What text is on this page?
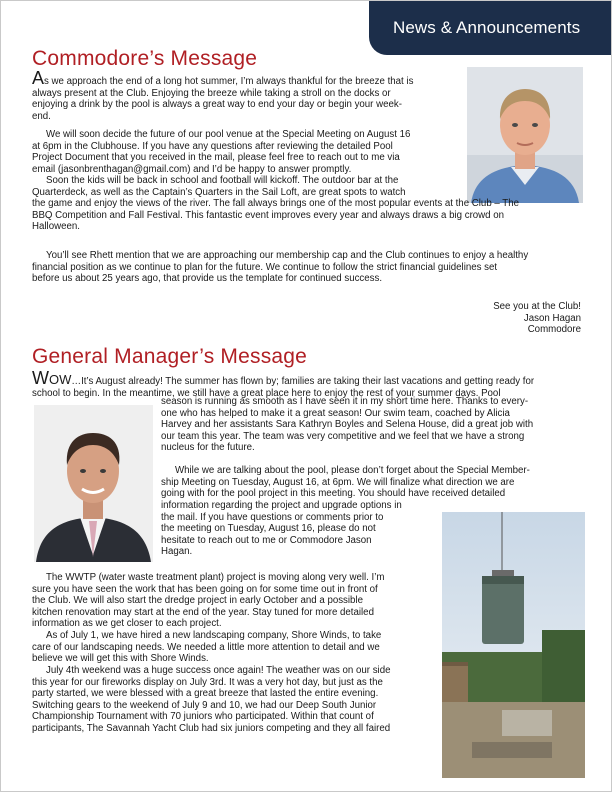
News & Announcements
Commodore’s Message

As we approach the end of a long hot summer, I’m always thankful for the breeze that is
always present at the Club. Enjoying the breeze while taking a stroll on the docks or
enjoying a drink by the pool is always a great way to end your day or begin your week-
end.

We will soon decide the future of our pool venue at the Special Meeting on August 16
at 6pm in the Clubhouse. If you have any questions after reviewing the detailed Pool
Project Document that you received in the mail, please feel free to reach out to me via
email (jasonbrenthagan@gmail.com) and I’d be happy to answer promptly.

Soon the kids will be back in school and football will kickoff. The outdoor bar at the
Quarterdeck, as well as the Captain’s Quarters in the Sail Loft, are great spots to watch
the game and enjoy the views of the river. The fall always brings one of the most popular events at the Club – The
BBQ Competition and Fall Festival. This fantastic event improves every year and always draws a big crowd on
Halloween.

You’ll see Rhett mention that we are approaching our membership cap and the Club continues to enjoy a healthy
financial position as we continue to plan for the future. We continue to follow the strict financial guidelines set
before us about 25 years ago, that provide us the template for continued success.

See you at the Club!
Jason Hagan
Commodore
General Manager’s Message

WOW…It’s August already! The summer has flown by; families are taking their last vacations and getting ready for
school to begin. In the meantime, we still have a great place here to enjoy the rest of your summer days. Pool

season is running as smooth as I have seen it in my short time here. Thanks to every-
one who has helped to make it a great season! Our swim team, coached by Alicia
Harvey and her assistants Sara Kathryn Boyles and Selena House, did a great job with
our team this year. The team was very competitive and we feel that we have a strong
nucleus for the future.

While we are talking about the pool, please don’t forget about the Special Member-
ship Meeting on Tuesday, August 16, at 6pm. We will finalize what direction we are
going with for the pool project in this meeting. You should have received detailed

information regarding the project and upgrade options in
the mail. If you have questions or comments prior to
the meeting on Tuesday, August 16, please do not
hesitate to reach out to me or Commodore Jason
Hagan.

The WWTP (water waste treatment plant) project is moving along very well. I’m
sure you have seen the work that has been going on for some time out in front of
the Club. We will also start the dredge project in early October and a possible
kitchen renovation may start at the end of the year. Stay tuned for more detailed
information as we get closer to each project.

As of July 1, we have hired a new landscaping company, Shore Winds, to take
care of our landscaping needs. We needed a little more attention to detail and we
believe we will get this with Shore Winds.

July 4th weekend was a huge success once again! The weather was on our side
this year for our fireworks display on July 3rd. It was a very hot day, but just as the
party started, we were blessed with a great breeze that lasted the entire evening.
Switching gears to the weekend of July 9 and 10, we had our Deep South Junior
Championship Tournament with 70 juniors who participated. Within that count of
participants, The Savannah Yacht Club had six juniors competing and they all faired
